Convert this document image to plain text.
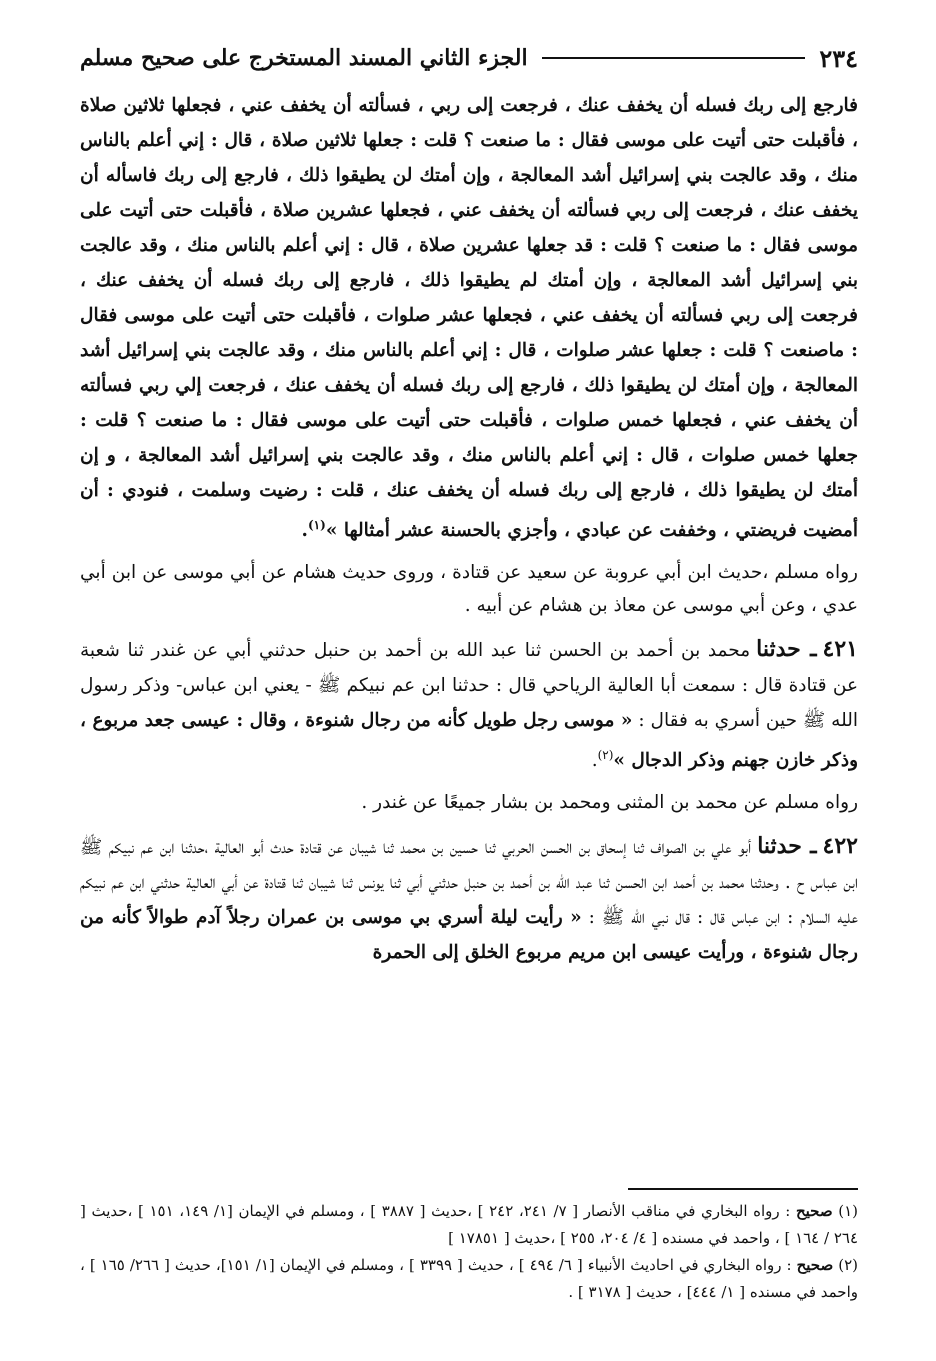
٢٣٤
الجزء الثاني المسند المستخرج على صحيح مسلم

فارجع إلى ربك فسله أن يخفف عنك ، فرجعت إلى ربي ، فسألته أن يخفف عني ، فجعلها ثلاثين صلاة ، فأقبلت حتى أتيت على موسى فقال : ما صنعت ؟ قلت : جعلها ثلاثين صلاة ، قال : إني أعلم بالناس منك ، وقد عالجت بني إسرائيل أشد المعالجة ، وإن أمتك لن يطيقوا ذلك ، فارجع إلى ربك فاسأله أن يخفف عنك ، فرجعت إلى ربي فسألته أن يخفف عني ، فجعلها عشرين صلاة ، فأقبلت حتى أتيت على موسى فقال : ما صنعت ؟ قلت : قد جعلها عشرين صلاة ، قال : إني أعلم بالناس منك ، وقد عالجت بني إسرائيل أشد المعالجة ، وإن أمتك لم يطيقوا ذلك ، فارجع إلى ربك فسله أن يخفف عنك ، فرجعت إلى ربي فسألته أن يخفف عني ، فجعلها عشر صلوات ، فأقبلت حتى أتيت على موسى فقال : ماصنعت ؟ قلت : جعلها عشر صلوات ، قال : إني أعلم بالناس منك ، وقد عالجت بني إسرائيل أشد المعالجة ، وإن أمتك لن يطيقوا ذلك ، فارجع إلى ربك فسله أن يخفف عنك ، فرجعت إلي ربي فسألته أن يخفف عني ، فجعلها خمس صلوات ، فأقبلت حتى أتيت على موسى فقال : ما صنعت ؟ قلت : جعلها خمس صلوات ، قال : إني أعلم بالناس منك ، وقد عالجت بني إسرائيل أشد المعالجة ، و إن أمتك لن يطيقوا ذلك ، فارجع إلى ربك فسله أن يخفف عنك ، قلت : رضيت وسلمت ، فنودي : أن أمضيت فريضتي ، وخففت عن عبادي ، وأجزي بالحسنة عشر أمثالها »$^{(١)}$.

رواه مسلم ،حديث ابن أبي عروبة عن سعيد عن قتادة ، وروى حديث هشام عن أبي موسى عن ابن أبي عدي ، وعن أبي موسى عن معاذ بن هشام عن أبيه .

٤٢١ـ حدثنامحمد بن أحمد بن الحسن ثنا عبد الله بن أحمد بن حنبل حدثني أبي عن غندر ثنا شعبة عن قتادة قال : سمعت أبا العالية الرياحي قال : حدثنا ابن عم نبيكم ﷺ - يعني ابن عباس- وذكر رسول الله ﷺ حين أسري به فقال : « موسى رجل طويل كأنه من رجال شنوءة ، وقال : عيسى جعد مربوع ، وذكر خازن جهنم وذكر الدجال »$^{(٢)}$.

رواه مسلم عن محمد بن المثنى ومحمد بن بشار جميعًا عن غندر .

٤٢٢ـ حدثناأبو علي بن الصواف ثنا إسحاق بن الحسن الحربي ثنا حسين بن محمد ثنا شيبان عن قتادة حدث أبو العالية ،حدثنا ابن عم نبيكم ﷺ ابن عباس ح . وحدثنا محمد بن أحمد ابن الحسن ثنا عبد الله بن أحمد بن حنبل حدثني أبي ثنا يونس ثنا شيبان ثنا قتادة عن أبي العالية حدثني ابن عم نبيكم عليه السلام : ابن عباس قال : قال نبي الله ﷺ : « رأيت ليلة أسري بي موسى بن عمران رجلاً آدم طوالاً كأنه من رجال شنوءة ، ورأيت عيسى ابن مريم مربوع الخلق إلى الحمرة

(١) صحيح : رواه البخاري في مناقب الأنصار [ ٧/ ٢٤١، ٢٤٢ ] ،حديث [ ٣٨٨٧ ] ، ومسلم في الإيمان [١/ ١٤٩، ١٥١ ] ،حديث [ ٢٦٤ / ١٦٤ ] ، واحمد في مسنده [ ٤/ ٢٠٤، ٢٥٥ ] ،حديث [ ١٧٨٥١ ]

(٢) صحيح : رواه البخاري في احاديث الأنبياء [ ٦/ ٤٩٤ ] ، حديث [ ٣٣٩٩ ] ، ومسلم في الإيمان [١/ ١٥١]، حديث [ ٢٦٦/ ١٦٥ ] ، واحمد في مسنده [ ١/ ٤٤٤] ، حديث [ ٣١٧٨ ] .
